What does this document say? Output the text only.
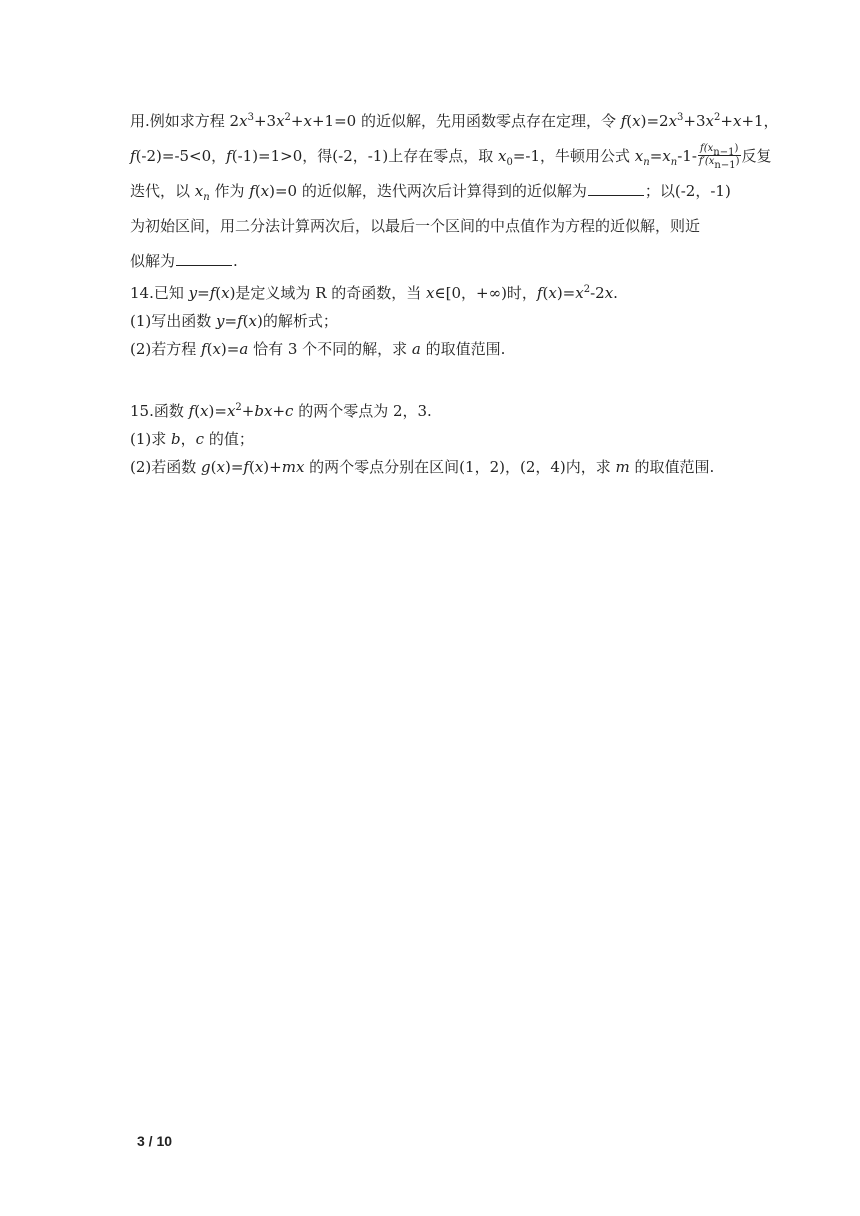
用.例如求方程 $2x^3+3x^2+x+1=0$ 的近似解，先用函数零点存在定理，令 $f(x)=2x^3+3x^2+x+1$，
f(-2)=-5<0，f(-1)=1>0，得(-2，-1)上存在零点，取 $x_0=-1$，牛顿用公式 $x_n=x_n-1- \frac{f(x_{n-1})}{f'(x_{n-1})}$ 反复
迭代，以 $x_n$ 作为 f(x)=0 的近似解，迭代两次后计算得到的近似解为	；以(-2，-1)
为初始区间，用二分法计算两次后，以最后一个区间的中点值作为方程的近似解，则近
似解为	.
14.已知 y=f(x)是定义域为 R 的奇函数，当 x∈[0，+∞)时，$f(x)=x^2-2x$.
(1)写出函数 y=f(x)的解析式；
(2)若方程 f(x)=a 恰有 3 个不同的解，求 a 的取值范围.
15.函数 $f(x)=x^2+bx+c$ 的两个零点为 2，3.
(1)求 b，c 的值；
(2)若函数 g(x)=f(x)+mx 的两个零点分别在区间(1，2)，(2，4)内，求 m 的取值范围.
3 / 10
